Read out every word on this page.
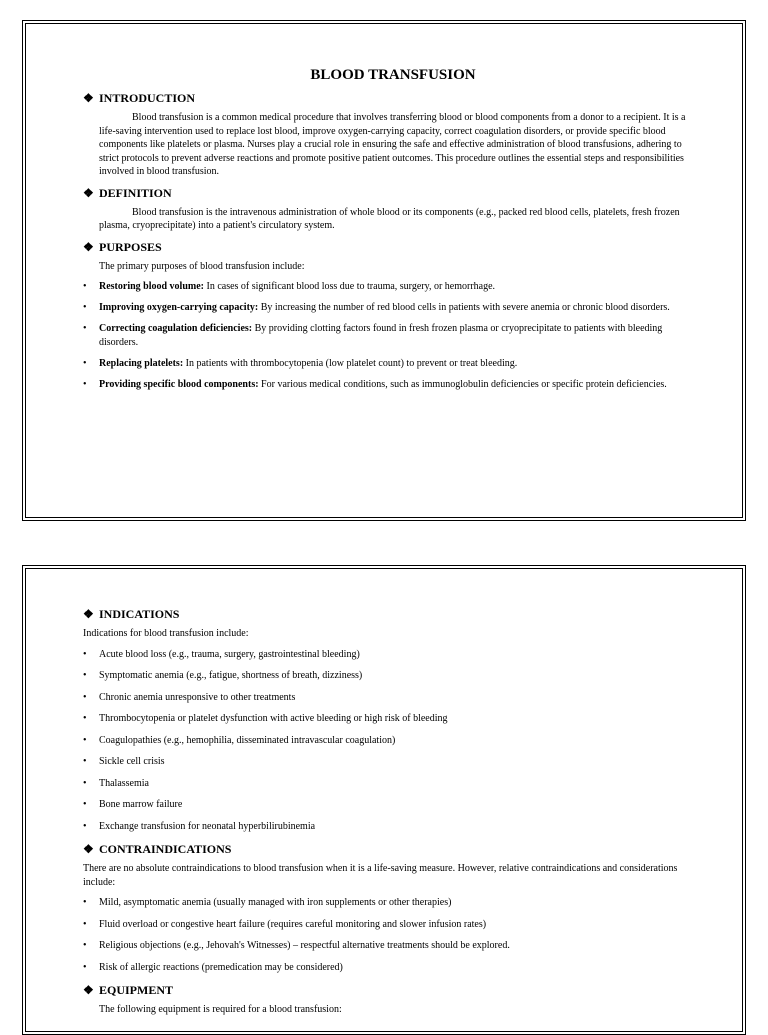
BLOOD TRANSFUSION
❖ INTRODUCTION

Blood transfusion is a common medical procedure that involves transferring blood or blood components from a donor to a recipient. It is a life-saving intervention used to replace lost blood, improve oxygen-carrying capacity, correct coagulation disorders, or provide specific blood components like platelets or plasma. Nurses play a crucial role in ensuring the safe and effective administration of blood transfusions, adhering to strict protocols to prevent adverse reactions and promote positive patient outcomes. This procedure outlines the essential steps and responsibilities involved in blood transfusion.

❖ DEFINITION

Blood transfusion is the intravenous administration of whole blood or its components (e.g., packed red blood cells, platelets, fresh frozen plasma, cryoprecipitate) into a patient's circulatory system.

❖ PURPOSES

The primary purposes of blood transfusion include:

•	Restoring blood volume: In cases of significant blood loss due to trauma, surgery, or hemorrhage.
•	Improving oxygen-carrying capacity: By increasing the number of red blood cells in patients with severe anemia or chronic blood disorders.
•	Correcting coagulation deficiencies: By providing clotting factors found in fresh frozen plasma or cryoprecipitate to patients with bleeding disorders.
•	Replacing platelets: In patients with thrombocytopenia (low platelet count) to prevent or treat bleeding.
•	Providing specific blood components: For various medical conditions, such as immunoglobulin deficiencies or specific protein deficiencies.
❖ INDICATIONS

Indications for blood transfusion include:

•	Acute blood loss (e.g., trauma, surgery, gastrointestinal bleeding)
•	Symptomatic anemia (e.g., fatigue, shortness of breath, dizziness)
•	Chronic anemia unresponsive to other treatments
•	Thrombocytopenia or platelet dysfunction with active bleeding or high risk of bleeding
•	Coagulopathies (e.g., hemophilia, disseminated intravascular coagulation)
•	Sickle cell crisis
•	Thalassemia
•	Bone marrow failure
•	Exchange transfusion for neonatal hyperbilirubinemia
❖ CONTRAINDICATIONS

There are no absolute contraindications to blood transfusion when it is a life-saving measure. However, relative contraindications and considerations include:

•	Mild, asymptomatic anemia (usually managed with iron supplements or other therapies)
•	Fluid overload or congestive heart failure (requires careful monitoring and slower infusion rates)
•	Religious objections (e.g., Jehovah's Witnesses) – respectful alternative treatments should be explored.
•	Risk of allergic reactions (premedication may be considered)
❖ EQUIPMENT

The following equipment is required for a blood transfusion:
